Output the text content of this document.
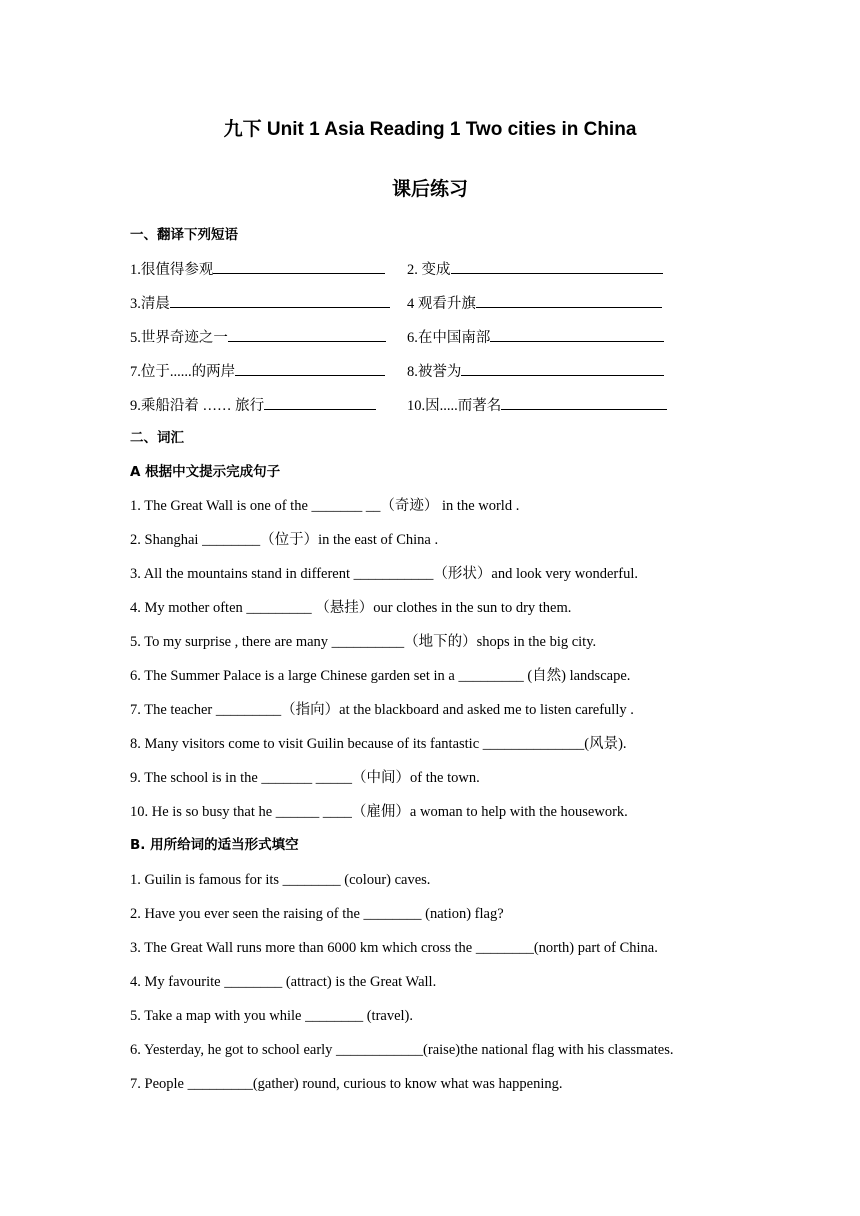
九下 Unit 1 Asia Reading 1 Two cities in China
课后练习
一、翻译下列短语
1.很值得参观	2. 变成
3.清晨	4 观看升旗
5.世界奇迹之一	6.在中国南部
7.位于......的两岸	8.被誉为
9.乘船沿着 …… 旅行	10.因.....而著名
二、词汇
A 根据中文提示完成句子
1. The Great Wall is one of the _______ __（奇迹） in the world .
2. Shanghai ________（位于）in the east of China .
3. All the mountains stand in different ___________（形状）and look very wonderful.
4. My mother often _________ （悬挂）our clothes in the sun to dry them.
5. To my surprise , there are many __________（地下的）shops in the big city.
6. The Summer Palace is a large Chinese garden set in a _________ (自然) landscape.
7. The teacher _________（指向）at the blackboard and asked me to listen carefully .
8. Many visitors come to visit Guilin because of its fantastic ______________(风景).
9. The school is in the _______ _____（中间）of the town.
10. He is so busy that he ______ ____（雇佣）a woman to help with the housework.
B. 用所给词的适当形式填空
1. Guilin is famous for its ________ (colour) caves.
2. Have you ever seen the raising of the ________ (nation) flag?
3. The Great Wall runs more than 6000 km which cross the ________(north) part of China.
4. My favourite ________ (attract) is the Great Wall.
5. Take a map with you while ________ (travel).
6. Yesterday, he got to school early ____________(raise)the national flag with his classmates.
7. People _________(gather) round, curious to know what was happening.
